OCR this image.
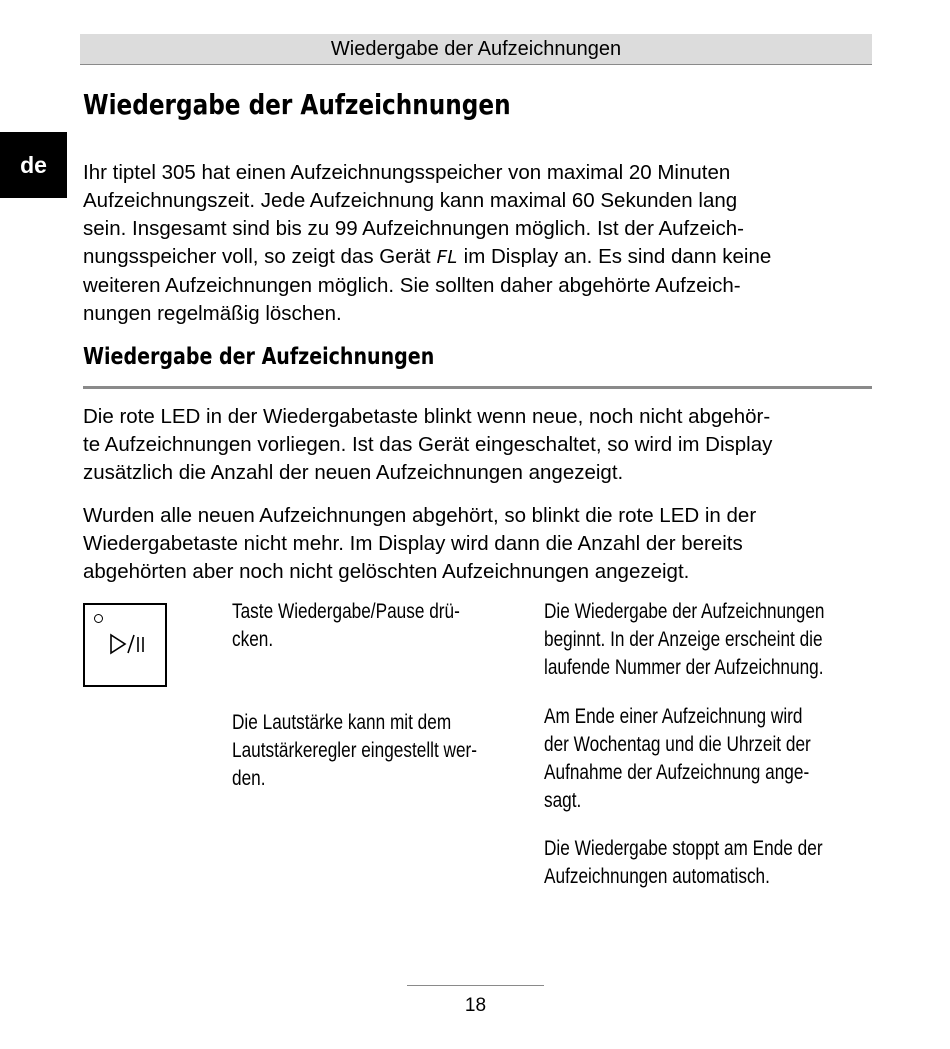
Wiedergabe der Aufzeichnungen
de
Wiedergabe der Aufzeichnungen
Ihr tiptel 305 hat einen Aufzeichnungsspeicher von maximal 20 Minuten
Aufzeichnungszeit. Jede Aufzeichnung kann maximal 60 Sekunden lang
sein. Insgesamt sind bis zu 99 Aufzeichnungen möglich. Ist der Aufzeich-
nungsspeicher voll, so zeigt das Gerät FL im Display an. Es sind dann keine
weiteren Aufzeichnungen möglich. Sie sollten daher abgehörte Aufzeich-
nungen regelmäßig löschen.
Wiedergabe der Aufzeichnungen
Die rote LED in der Wiedergabetaste blinkt wenn neue, noch nicht abgehör-
te Aufzeichnungen vorliegen. Ist das Gerät eingeschaltet, so wird im Display
zusätzlich die Anzahl der neuen Aufzeichnungen angezeigt.
Wurden alle neuen Aufzeichnungen abgehört, so blinkt die rote LED in der
Wiedergabetaste nicht mehr. Im Display wird dann die Anzahl der bereits
abgehörten aber noch nicht gelöschten Aufzeichnungen angezeigt.
Taste Wiedergabe/Pause drü-
cken.
Die Wiedergabe der Aufzeichnungen
beginnt. In der Anzeige erscheint die
laufende Nummer der Aufzeichnung.
Die Lautstärke kann mit dem
Lautstärkeregler eingestellt wer-
den.
Am Ende einer Aufzeichnung wird
der Wochentag und die Uhrzeit der
Aufnahme der Aufzeichnung ange-
sagt.
Die Wiedergabe stoppt am Ende der
Aufzeichnungen automatisch.
18
